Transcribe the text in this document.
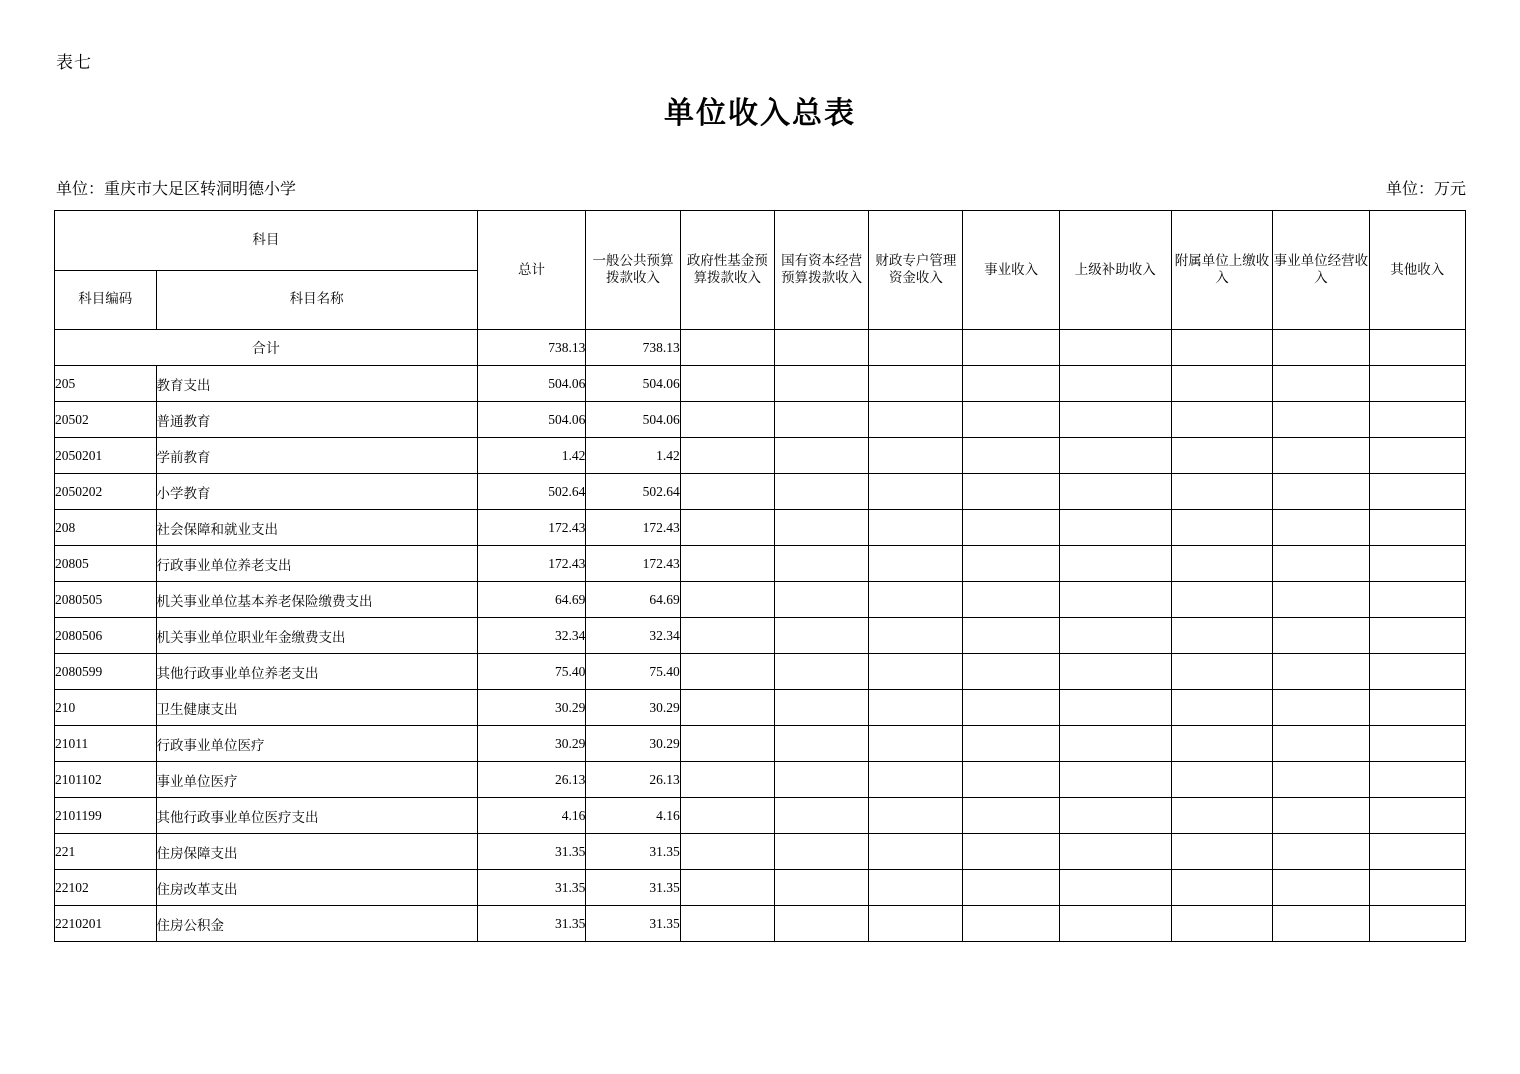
表七
单位收入总表
单位：重庆市大足区转洞明德小学	单位：万元
科目		总计	一般公共预算拨款收入	政府性基金预算拨款收入	国有资本经营预算拨款收入	财政专户管理资金收入	事业收入	上级补助收入	附属单位上缴收入	事业单位经营收入	其他收入
科目编码	科目名称										
合计		738.13	738.13								
205	教育支出	504.06	504.06								
20502	普通教育	504.06	504.06								
2050201	学前教育	1.42	1.42								
2050202	小学教育	502.64	502.64								
208	社会保障和就业支出	172.43	172.43								
20805	行政事业单位养老支出	172.43	172.43								
2080505	机关事业单位基本养老保险缴费支出	64.69	64.69								
2080506	机关事业单位职业年金缴费支出	32.34	32.34								
2080599	其他行政事业单位养老支出	75.40	75.40								
210	卫生健康支出	30.29	30.29								
21011	行政事业单位医疗	30.29	30.29								
2101102	事业单位医疗	26.13	26.13								
2101199	其他行政事业单位医疗支出	4.16	4.16								
221	住房保障支出	31.35	31.35								
22102	住房改革支出	31.35	31.35								
2210201	住房公积金	31.35	31.35								
